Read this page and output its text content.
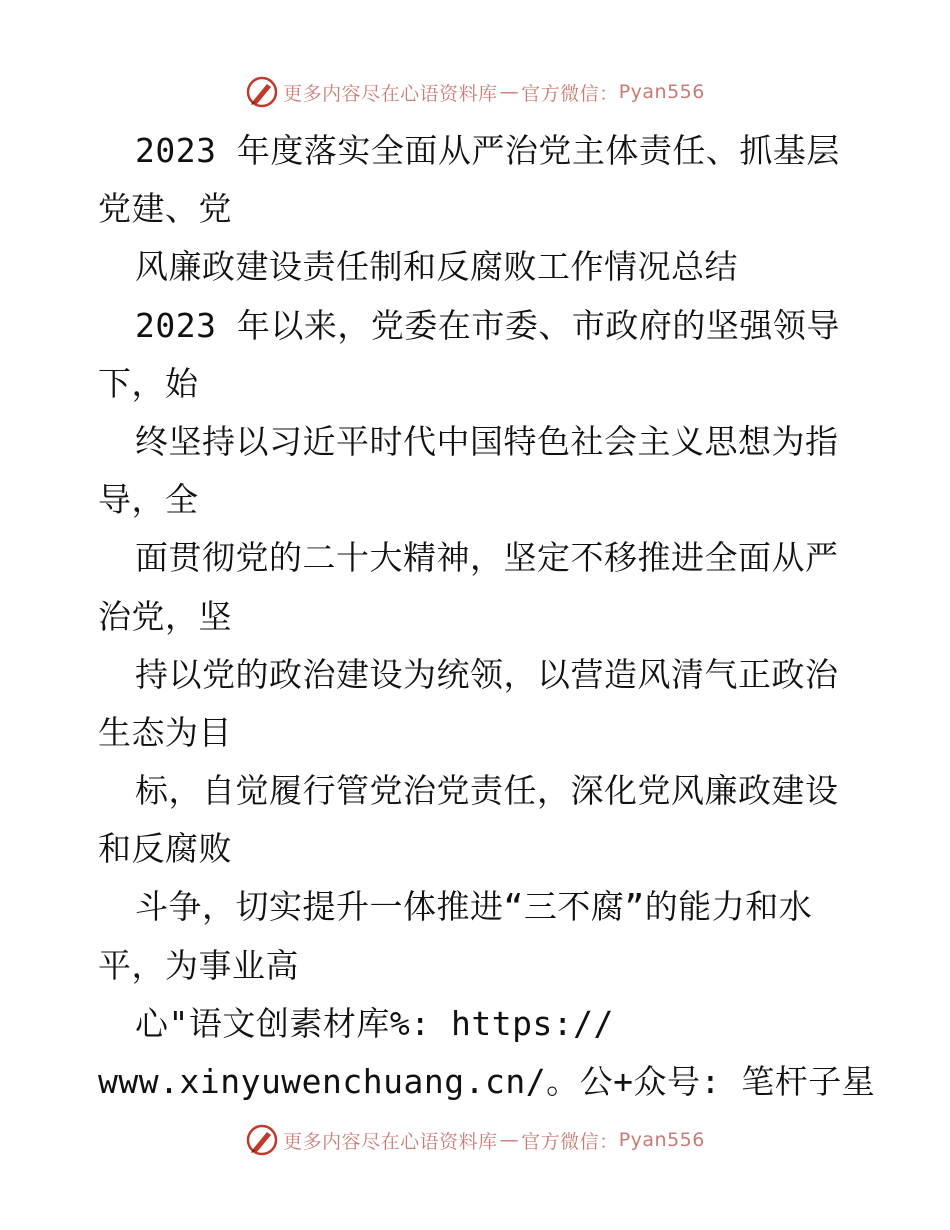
更多内容尽在心语资料库 — 官方微信： Pyan556
2023 年度落实全面从严治党主体责任、抓基层
党建、党
风廉政建设责任制和反腐败工作情况总结
2023 年以来，党委在市委、市政府的坚强领导
下，始
终坚持以习近平时代中国特色社会主义思想为指
导，全
面贯彻党的二十大精神，坚定不移推进全面从严
治党，坚
持以党的政治建设为统领，以营造风清气正政治
生态为目
标，自觉履行管党治党责任，深化党风廉政建设
和反腐败
斗争，切实提升一体推进“三不腐”的能力和水
平，为事业高
心"语文创素材库%: https://
www.xinyuwenchuang.cn/。公+众号: 笔杆子星
更多内容尽在心语资料库 — 官方微信： Pyan556
